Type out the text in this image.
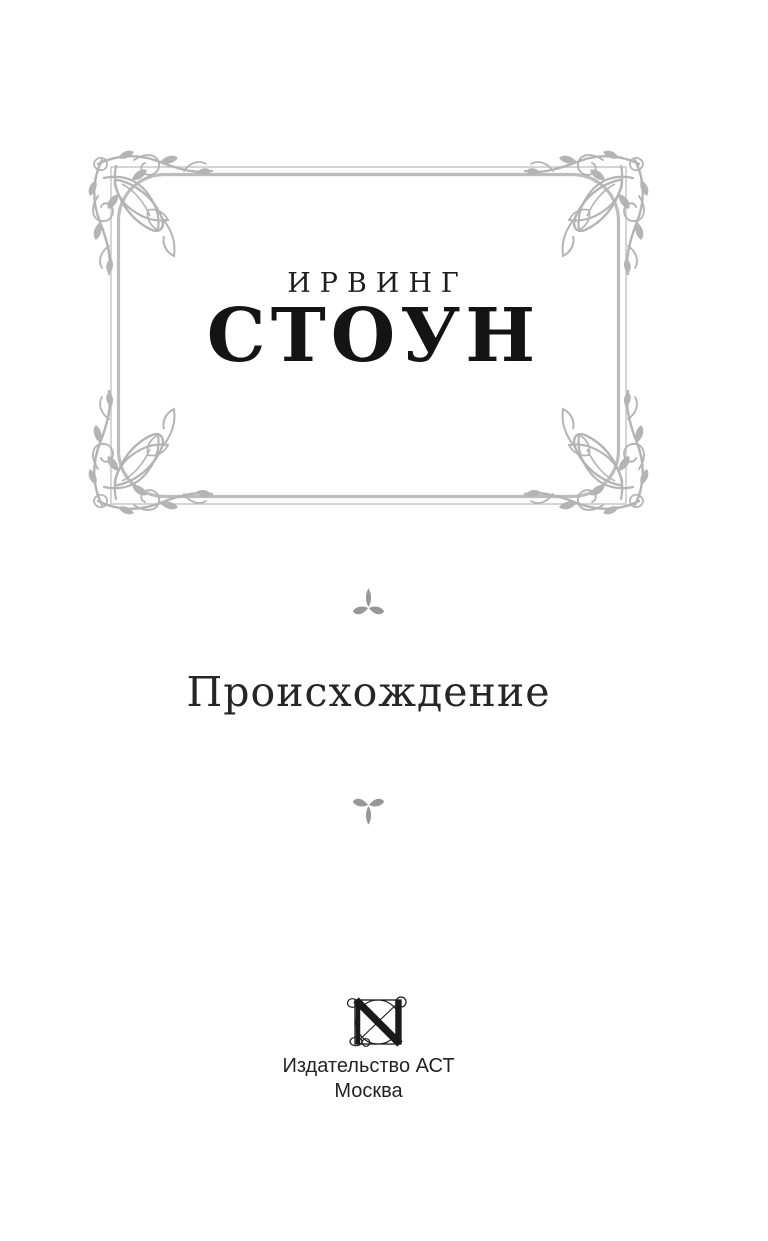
ИРВИНГ
СТОУН
Происхождение
Издательство АСТ
Москва
